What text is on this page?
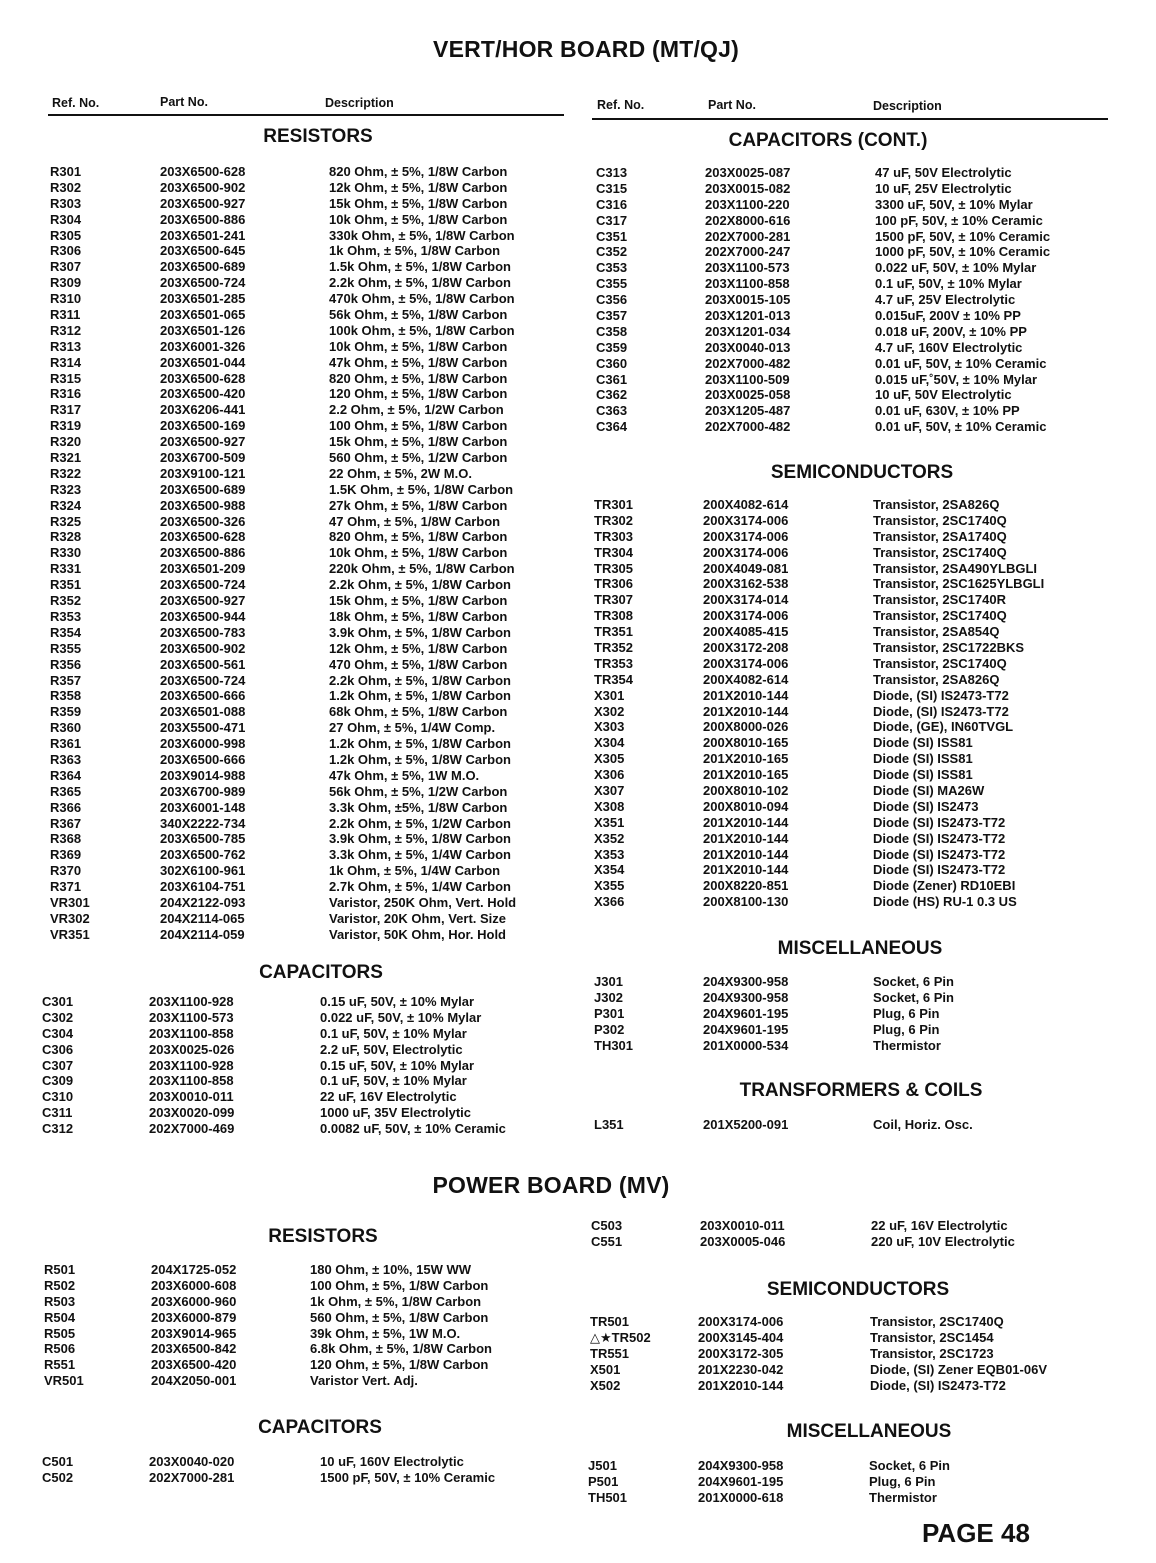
VERT/HOR BOARD (MT/QJ)
Ref. No.	Part No.	Description	Ref. No.	Part No.	Description
RESISTORS	CAPACITORS (CONT.)
SEMICONDUCTORS
CAPACITORS
MISCELLANEOUS
TRANSFORMERS & COILS
POWER BOARD (MV)
RESISTORS
SEMICONDUCTORS
CAPACITORS	MISCELLANEOUS
R301	203X6500-628	820 Ohm, ± 5%, 1/8W Carbon
R302	203X6500-902	12k Ohm, ± 5%, 1/8W Carbon
R303	203X6500-927	15k Ohm, ± 5%, 1/8W Carbon
R304	203X6500-886	10k Ohm, ± 5%, 1/8W Carbon
R305	203X6501-241	330k Ohm, ± 5%, 1/8W Carbon
R306	203X6500-645	1k Ohm, ± 5%, 1/8W Carbon
R307	203X6500-689	1.5k Ohm, ± 5%, 1/8W Carbon
R309	203X6500-724	2.2k Ohm, ± 5%, 1/8W Carbon
R310	203X6501-285	470k Ohm, ± 5%, 1/8W Carbon
R311	203X6501-065	56k Ohm, ± 5%, 1/8W Carbon
R312	203X6501-126	100k Ohm, ± 5%, 1/8W Carbon
R313	203X6001-326	10k Ohm, ± 5%, 1/8W Carbon
R314	203X6501-044	47k Ohm, ± 5%, 1/8W Carbon
R315	203X6500-628	820 Ohm, ± 5%, 1/8W Carbon
R316	203X6500-420	120 Ohm, ± 5%, 1/8W Carbon
R317	203X6206-441	2.2 Ohm, ± 5%, 1/2W Carbon
R319	203X6500-169	100 Ohm, ± 5%, 1/8W Carbon
R320	203X6500-927	15k Ohm, ± 5%, 1/8W Carbon
R321	203X6700-509	560 Ohm, ± 5%, 1/2W Carbon
R322	203X9100-121	22 Ohm, ± 5%, 2W M.O.
R323	203X6500-689	1.5K Ohm, ± 5%, 1/8W Carbon
R324	203X6500-988	27k Ohm, ± 5%, 1/8W Carbon
R325	203X6500-326	47 Ohm, ± 5%, 1/8W Carbon
R328	203X6500-628	820 Ohm, ± 5%, 1/8W Carbon
R330	203X6500-886	10k Ohm, ± 5%, 1/8W Carbon
R331	203X6501-209	220k Ohm, ± 5%, 1/8W Carbon
R351	203X6500-724	2.2k Ohm, ± 5%, 1/8W Carbon
R352	203X6500-927	15k Ohm, ± 5%, 1/8W Carbon
R353	203X6500-944	18k Ohm, ± 5%, 1/8W Carbon
R354	203X6500-783	3.9k Ohm, ± 5%, 1/8W Carbon
R355	203X6500-902	12k Ohm, ± 5%, 1/8W Carbon
R356	203X6500-561	470 Ohm, ± 5%, 1/8W Carbon
R357	203X6500-724	2.2k Ohm, ± 5%, 1/8W Carbon
R358	203X6500-666	1.2k Ohm, ± 5%, 1/8W Carbon
R359	203X6501-088	68k Ohm, ± 5%, 1/8W Carbon
R360	203X5500-471	27 Ohm, ± 5%, 1/4W Comp.
R361	203X6000-998	1.2k Ohm, ± 5%, 1/8W Carbon
R363	203X6500-666	1.2k Ohm, ± 5%, 1/8W Carbon
R364	203X9014-988	47k Ohm, ± 5%, 1W M.O.
R365	203X6700-989	56k Ohm, ± 5%, 1/2W Carbon
R366	203X6001-148	3.3k Ohm, ±5%, 1/8W Carbon
R367	340X2222-734	2.2k Ohm, ± 5%, 1/2W Carbon
R368	203X6500-785	3.9k Ohm, ± 5%, 1/8W Carbon
R369	203X6500-762	3.3k Ohm, ± 5%, 1/4W Carbon
R370	302X6100-961	1k Ohm, ± 5%, 1/4W Carbon
R371	203X6104-751	2.7k Ohm, ± 5%, 1/4W Carbon
VR301	204X2122-093	Varistor, 250K Ohm, Vert. Hold
VR302	204X2114-065	Varistor, 20K Ohm, Vert. Size
VR351	204X2114-059	Varistor, 50K Ohm, Hor. Hold
C301	203X1100-928	0.15 uF, 50V, ± 10% Mylar
C302	203X1100-573	0.022 uF, 50V, ± 10% Mylar
C304	203X1100-858	0.1 uF, 50V, ± 10% Mylar
C306	203X0025-026	2.2 uF, 50V, Electrolytic
C307	203X1100-928	0.15 uF, 50V, ± 10% Mylar
C309	203X1100-858	0.1 uF, 50V, ± 10% Mylar
C310	203X0010-011	22 uF, 16V Electrolytic
C311	203X0020-099	1000 uF, 35V Electrolytic
C312	202X7000-469	0.0082 uF, 50V, ± 10% Ceramic
C313	203X0025-087	47 uF, 50V Electrolytic
C315	203X0015-082	10 uF, 25V Electrolytic
C316	203X1100-220	3300 uF, 50V, ± 10% Mylar
C317	202X8000-616	100 pF, 50V, ± 10% Ceramic
C351	202X7000-281	1500 pF, 50V, ± 10% Ceramic
C352	202X7000-247	1000 pF, 50V, ± 10% Ceramic
C353	203X1100-573	0.022 uF, 50V, ± 10% Mylar
C355	203X1100-858	0.1 uF, 50V, ± 10% Mylar
C356	203X0015-105	4.7 uF, 25V Electrolytic
C357	203X1201-013	0.015uF, 200V ± 10% PP
C358	203X1201-034	0.018 uF, 200V, ± 10% PP
C359	203X0040-013	4.7 uF, 160V Electrolytic
C360	202X7000-482	0.01 uF, 50V, ± 10% Ceramic
C361	203X1100-509	0.015 uF,˚50V, ± 10% Mylar
C362	203X0025-058	10 uF, 50V Electrolytic
C363	203X1205-487	0.01 uF, 630V, ± 10% PP
C364	202X7000-482	0.01 uF, 50V, ± 10% Ceramic
TR301	200X4082-614	Transistor, 2SA826Q
TR302	200X3174-006	Transistor, 2SC1740Q
TR303	200X3174-006	Transistor, 2SA1740Q
TR304	200X3174-006	Transistor, 2SC1740Q
TR305	200X4049-081	Transistor, 2SA490YLBGLI
TR306	200X3162-538	Transistor, 2SC1625YLBGLI
TR307	200X3174-014	Transistor, 2SC1740R
TR308	200X3174-006	Transistor, 2SC1740Q
TR351	200X4085-415	Transistor, 2SA854Q
TR352	200X3172-208	Transistor, 2SC1722BKS
TR353	200X3174-006	Transistor, 2SC1740Q
TR354	200X4082-614	Transistor, 2SA826Q
X301	201X2010-144	Diode, (SI) IS2473-T72
X302	201X2010-144	Diode, (SI) IS2473-T72
X303	200X8000-026	Diode, (GE), IN60TVGL
X304	200X8010-165	Diode (SI) ISS81
X305	201X2010-165	Diode (SI) ISS81
X306	201X2010-165	Diode (SI) ISS81
X307	200X8010-102	Diode (SI) MA26W
X308	200X8010-094	Diode (SI) IS2473
X351	201X2010-144	Diode (SI) IS2473-T72
X352	201X2010-144	Diode (SI) IS2473-T72
X353	201X2010-144	Diode (SI) IS2473-T72
X354	201X2010-144	Diode (SI) IS2473-T72
X355	200X8220-851	Diode (Zener) RD10EBI
X366	200X8100-130	Diode (HS) RU-1 0.3 US
J301	204X9300-958	Socket, 6 Pin
J302	204X9300-958	Socket, 6 Pin
P301	204X9601-195	Plug, 6 Pin
P302	204X9601-195	Plug, 6 Pin
TH301	201X0000-534	Thermistor
L351	201X5200-091	Coil, Horiz. Osc.
R501	204X1725-052	180 Ohm, ± 10%, 15W WW
R502	203X6000-608	100 Ohm, ± 5%, 1/8W Carbon
R503	203X6000-960	1k Ohm, ± 5%, 1/8W Carbon
R504	203X6000-879	560 Ohm, ± 5%, 1/8W Carbon
R505	203X9014-965	39k Ohm, ± 5%, 1W M.O.
R506	203X6500-842	6.8k Ohm, ± 5%, 1/8W Carbon
R551	203X6500-420	120 Ohm, ± 5%, 1/8W Carbon
VR501	204X2050-001	Varistor Vert. Adj.
C501	203X0040-020	10 uF, 160V Electrolytic
C502	202X7000-281	1500 pF, 50V, ± 10% Ceramic
C503	203X0010-011	22 uF, 16V Electrolytic
C551	203X0005-046	220 uF, 10V Electrolytic
TR501	200X3174-006	Transistor, 2SC1740Q
△★TR502	200X3145-404	Transistor, 2SC1454
TR551	200X3172-305	Transistor, 2SC1723
X501	201X2230-042	Diode, (SI) Zener EQB01-06V
X502	201X2010-144	Diode, (SI) IS2473-T72
J501	204X9300-958	Socket, 6 Pin
P501	204X9601-195	Plug, 6 Pin
TH501	201X0000-618	Thermistor
PAGE 48
